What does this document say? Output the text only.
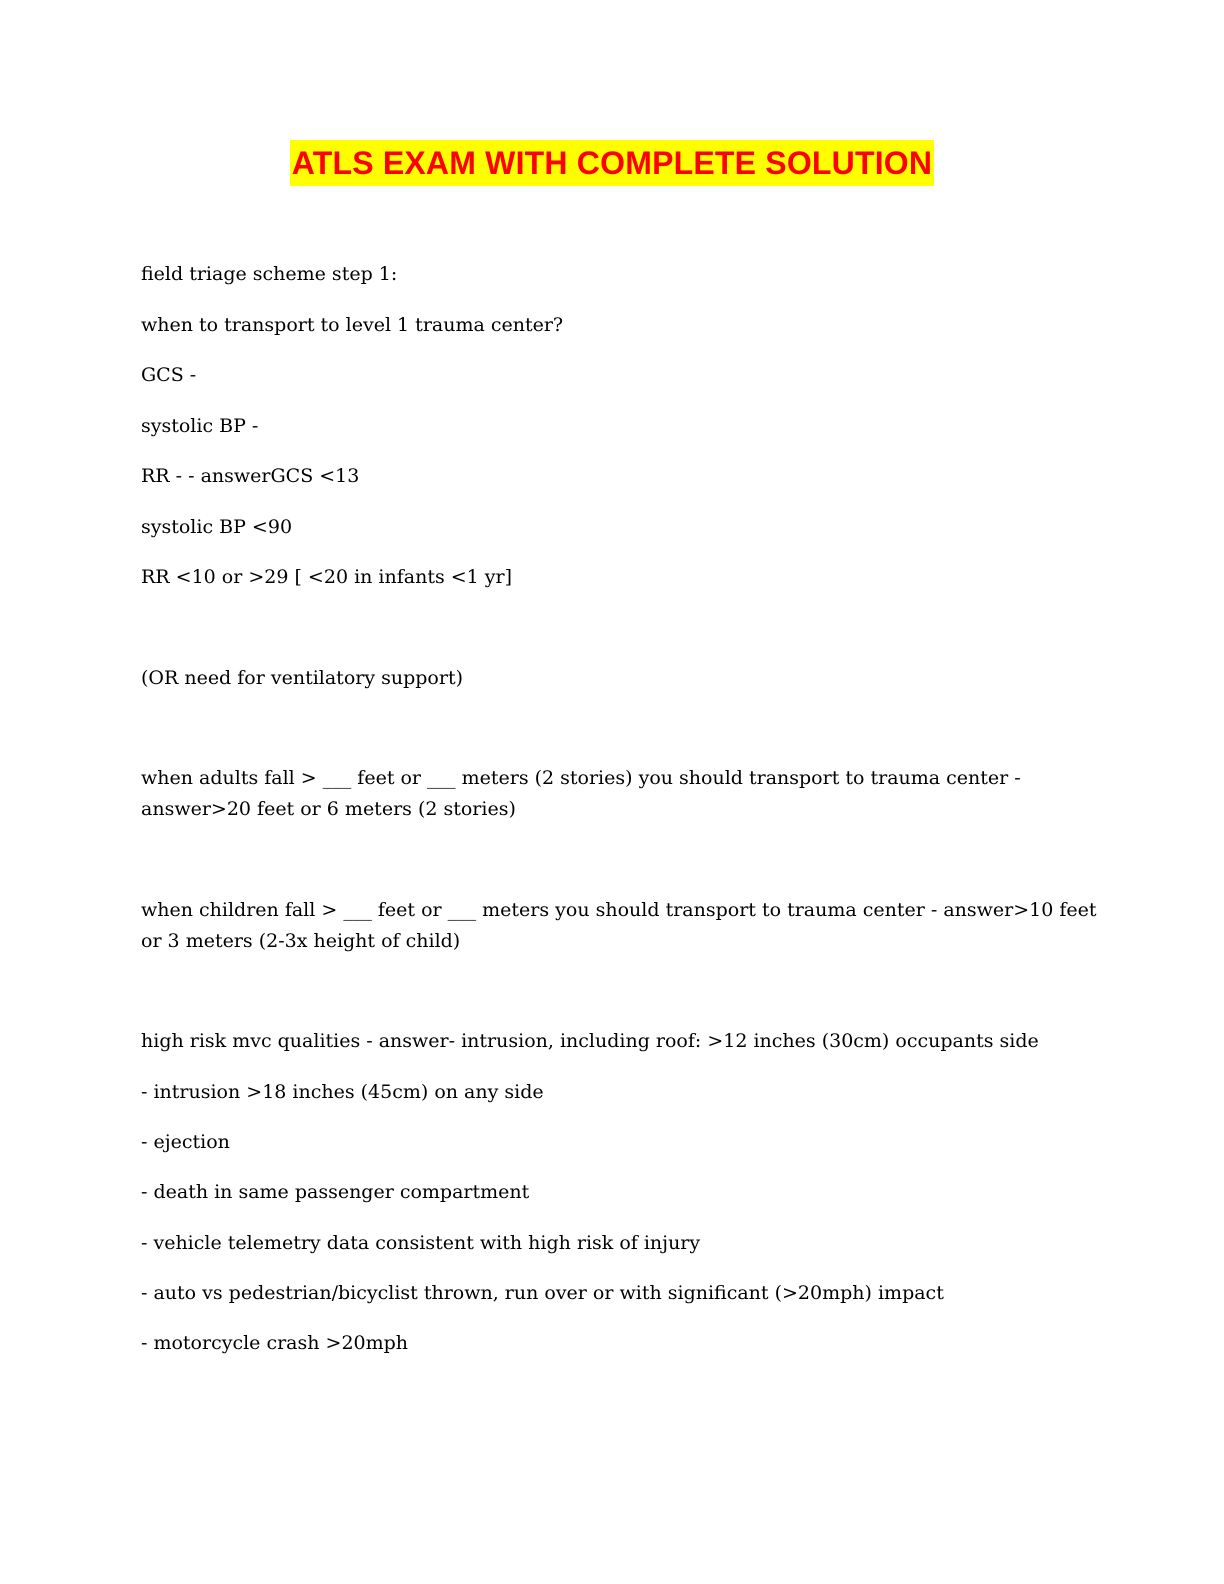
ATLS EXAM WITH COMPLETE SOLUTION
field triage scheme step 1:
when to transport to level 1 trauma center?
GCS -
systolic BP -
RR - - answerGCS <13
systolic BP <90
RR <10 or >29 [ <20 in infants <1 yr]
(OR need for ventilatory support)
when adults fall > ___ feet or ___ meters (2 stories) you should transport to trauma center -
answer>20 feet or 6 meters (2 stories)
when children fall > ___ feet or ___ meters you should transport to trauma center - answer>10 feet
or 3 meters (2-3x height of child)
high risk mvc qualities - answer- intrusion, including roof: >12 inches (30cm) occupants side
- intrusion >18 inches (45cm) on any side
- ejection
- death in same passenger compartment
- vehicle telemetry data consistent with high risk of injury
- auto vs pedestrian/bicyclist thrown, run over or with significant (>20mph) impact
- motorcycle crash >20mph
